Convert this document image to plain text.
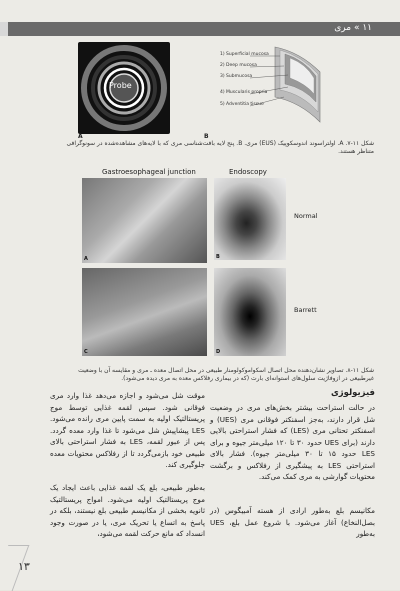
۱۱ » مری
Probe
A
1) Superficial mucosa
2) Deep mucosa
3) Submucosa
4) Muscularis propria
5) Adventitia tissue
B
شکل ۱۱-۷. A. اولتراسوند اندوسکوپیک (EUS) مری. B. پنج لایه بافت‌شناسی مری که با لایه‌های مشاهده‌شده در سونوگرافی متناظر هستند.
Gastroesophageal junction	Endoscopy
Normal
Barrett
A	B
C	D
شکل ۱۱-۸. تصاویر نشان‌دهنده محل اتصال اسکواموکولومنار طبیعی در محل اتصال معده ـ مری و مقایسه آن با وضعیت غیرطبیعی در ازوفاژیت سلول‌های استوانه‌ای بارت (که در بیماری رفلاکس معده به مری دیده می‌شود).
فیزیولوژی
در حالت استراحت بیشتر بخش‌های مری در وضعیت شل قرار دارند، به‌جز اسفنکتر فوقانی مری (UES) و اسفنکتر تحتانی مری (LES) که فشار استراحتی بالایی دارند (برای UES حدود ۳۰ تا ۱۲۰ میلی‌متر جیوه و برای LES حدود ۱۵ تا ۳۰ میلی‌متر جیوه). فشار بالای استراحتی LES به پیشگیری از رفلاکس و برگشت محتویات گوارشی به مری کمک می‌کند.
مکانیسم بلع به‌طور ارادی از هسته آمبیگوس (در بصل‌النخاع) آغاز می‌شود. با شروع عمل بلع، UES به‌طور
موقت شل می‌شود و اجازه می‌دهد غذا وارد مری فوقانی شود. سپس لقمه غذایی توسط موج پریستالتیک اولیه به سمت پایین مری رانده می‌شود. LES پیشاپیش شل می‌شود تا غذا وارد معده گردد. پس از عبور لقمه، LES به فشار استراحتی بالای طبیعی خود بازمی‌گردد تا از رفلاکس محتویات معده جلوگیری کند.
به‌طور طبیعی، بلع یک لقمه غذایی باعث ایجاد یک موج پریستالتیک اولیه می‌شود. امواج پریستالتیک ثانویه بخشی از مکانیسم طبیعی بلع نیستند، بلکه در پاسخ به اتساع یا تحریک مری، یا در صورت وجود انسداد که مانع حرکت لقمه می‌شود،
۱۳
